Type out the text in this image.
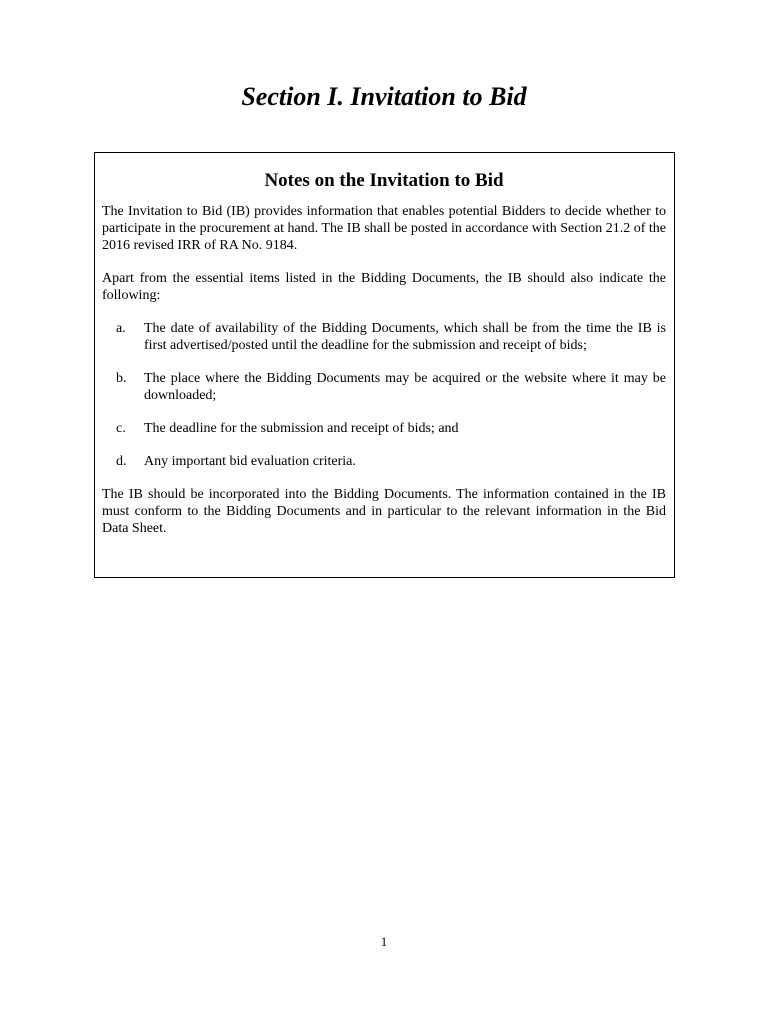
Section I. Invitation to Bid
Notes on the Invitation to Bid

The Invitation to Bid (IB) provides information that enables potential Bidders to decide whether to participate in the procurement at hand. The IB shall be posted in accordance with Section 21.2 of the 2016 revised IRR of RA No. 9184.

Apart from the essential items listed in the Bidding Documents, the IB should also indicate the following:

a.	The date of availability of the Bidding Documents, which shall be from the time the IB is first advertised/posted until the deadline for the submission and receipt of bids;
b.	The place where the Bidding Documents may be acquired or the website where it may be downloaded;
c.	The deadline for the submission and receipt of bids; and
d.	Any important bid evaluation criteria.

The IB should be incorporated into the Bidding Documents. The information contained in the IB must conform to the Bidding Documents and in particular to the relevant information in the Bid Data Sheet.

1
